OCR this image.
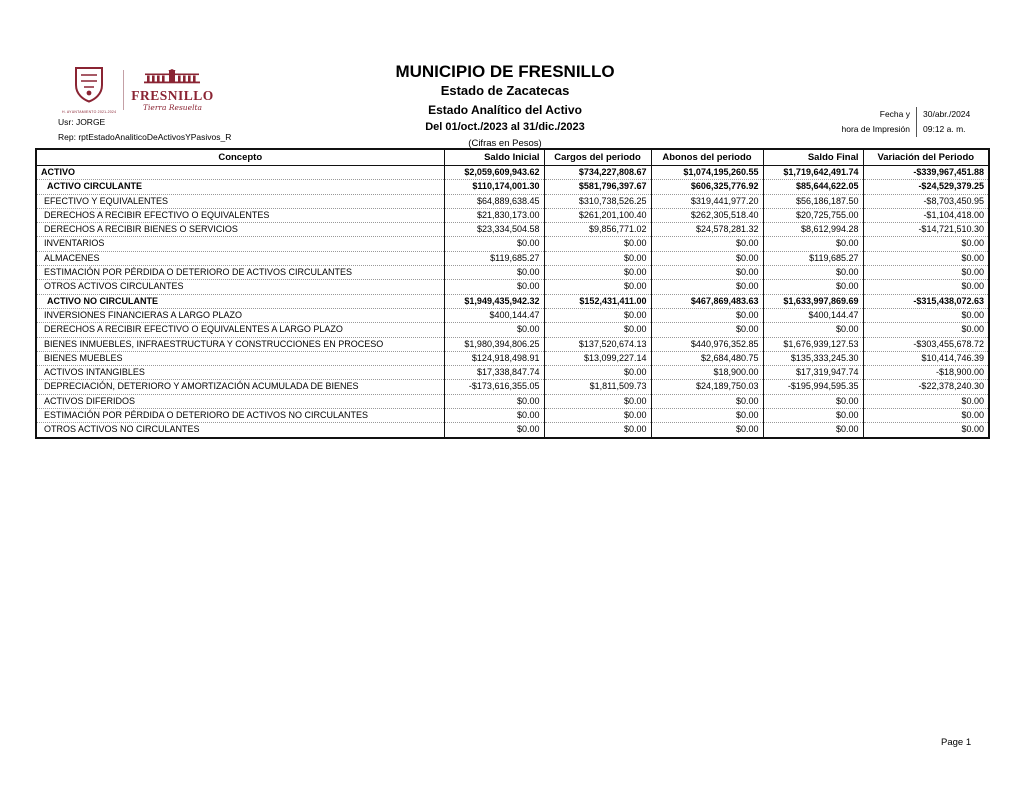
H. AYUNTAMIENTO 2021-2024
FRESNILLO
Tierra Resuelta
MUNICIPIO DE FRESNILLO
Estado de Zacatecas
Estado Analítico del Activo
Del 01/oct./2023 al 31/dic./2023
(Cifras en Pesos)
Usr: JORGE
Rep: rptEstadoAnaliticoDeActivosYPasivos_R
Fecha y	30/abr./2024
hora de Impresión	09:12 a. m.
Concepto	Saldo Inicial	Cargos del periodo	Abonos del periodo	Saldo Final	Variación del Periodo
ACTIVO	$2,059,609,943.62	$734,227,808.67	$1,074,195,260.55	$1,719,642,491.74	-$339,967,451.88
ACTIVO CIRCULANTE	$110,174,001.30	$581,796,397.67	$606,325,776.92	$85,644,622.05	-$24,529,379.25
EFECTIVO Y EQUIVALENTES	$64,889,638.45	$310,738,526.25	$319,441,977.20	$56,186,187.50	-$8,703,450.95
DERECHOS A RECIBIR EFECTIVO O EQUIVALENTES	$21,830,173.00	$261,201,100.40	$262,305,518.40	$20,725,755.00	-$1,104,418.00
DERECHOS A RECIBIR BIENES O SERVICIOS	$23,334,504.58	$9,856,771.02	$24,578,281.32	$8,612,994.28	-$14,721,510.30
INVENTARIOS	$0.00	$0.00	$0.00	$0.00	$0.00
ALMACENES	$119,685.27	$0.00	$0.00	$119,685.27	$0.00
ESTIMACIÓN POR PÉRDIDA O DETERIORO DE ACTIVOS CIRCULANTES	$0.00	$0.00	$0.00	$0.00	$0.00
OTROS ACTIVOS CIRCULANTES	$0.00	$0.00	$0.00	$0.00	$0.00
ACTIVO NO CIRCULANTE	$1,949,435,942.32	$152,431,411.00	$467,869,483.63	$1,633,997,869.69	-$315,438,072.63
INVERSIONES FINANCIERAS A LARGO PLAZO	$400,144.47	$0.00	$0.00	$400,144.47	$0.00
DERECHOS A RECIBIR EFECTIVO O EQUIVALENTES A LARGO PLAZO	$0.00	$0.00	$0.00	$0.00	$0.00
BIENES INMUEBLES, INFRAESTRUCTURA Y CONSTRUCCIONES EN PROCESO	$1,980,394,806.25	$137,520,674.13	$440,976,352.85	$1,676,939,127.53	-$303,455,678.72
BIENES MUEBLES	$124,918,498.91	$13,099,227.14	$2,684,480.75	$135,333,245.30	$10,414,746.39
ACTIVOS INTANGIBLES	$17,338,847.74	$0.00	$18,900.00	$17,319,947.74	-$18,900.00
DEPRECIACIÓN, DETERIORO Y AMORTIZACIÓN ACUMULADA DE BIENES	-$173,616,355.05	$1,811,509.73	$24,189,750.03	-$195,994,595.35	-$22,378,240.30
ACTIVOS DIFERIDOS	$0.00	$0.00	$0.00	$0.00	$0.00
ESTIMACIÓN POR PÉRDIDA O DETERIORO DE ACTIVOS NO CIRCULANTES	$0.00	$0.00	$0.00	$0.00	$0.00
OTROS ACTIVOS NO CIRCULANTES	$0.00	$0.00	$0.00	$0.00	$0.00
Page 1
